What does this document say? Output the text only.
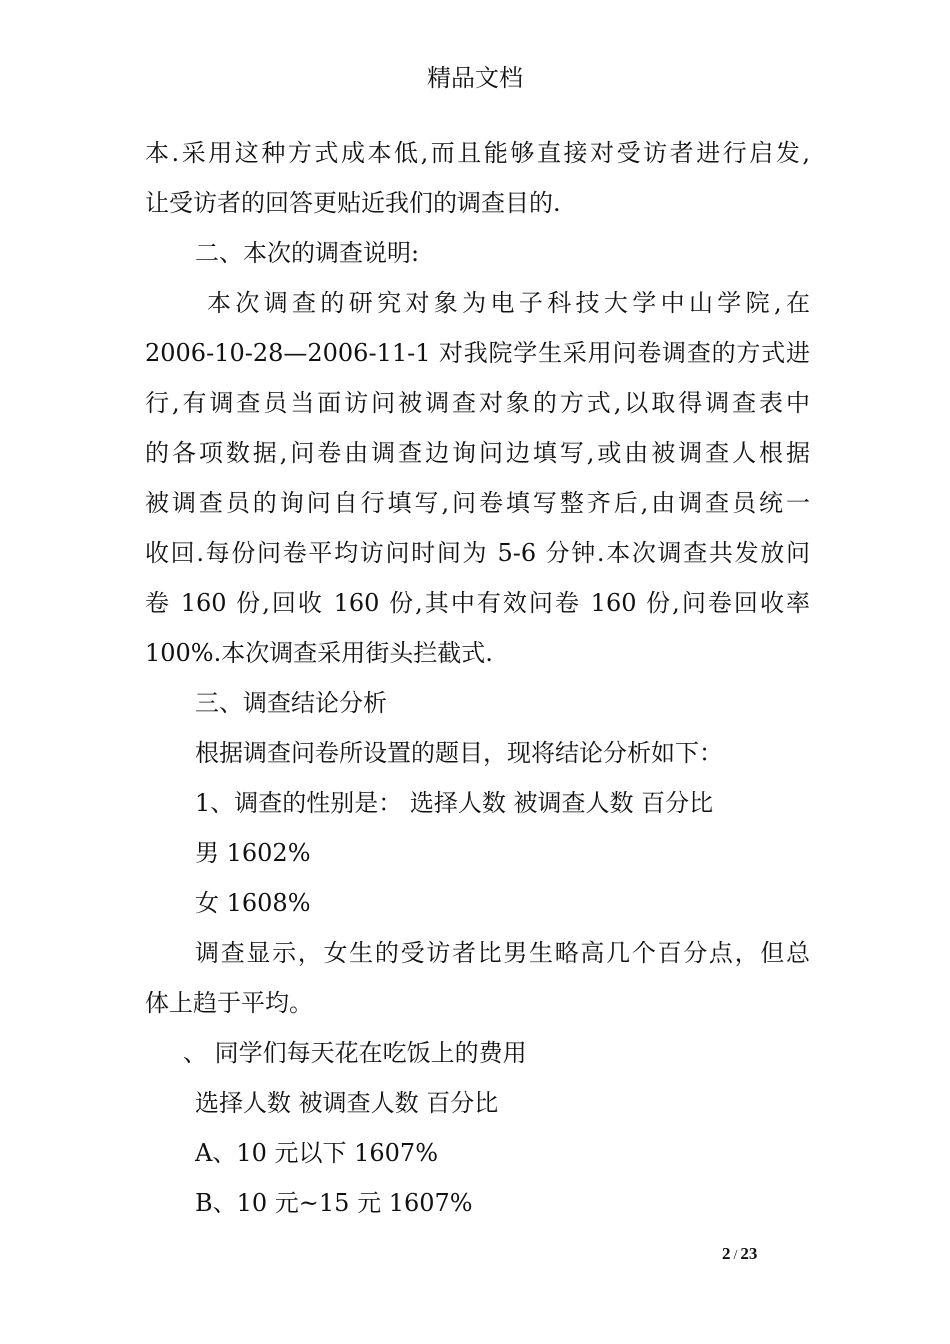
精品文档
本.采用这种方式成本低,而且能够直接对受访者进行启发,
让受访者的回答更贴近我们的调查目的.
二、本次的调查说明:
本次调查的研究对象为电子科技大学中山学院,在
2006-10-28—2006-11-1 对我院学生采用问卷调查的方式进
行,有调查员当面访问被调查对象的方式,以取得调查表中
的各项数据,问卷由调查边询问边填写,或由被调查人根据
被调查员的询问自行填写,问卷填写整齐后,由调查员统一
收回.每份问卷平均访问时间为 5-6 分钟.本次调查共发放问
卷 160 份,回收 160 份,其中有效问卷 160 份,问卷回收率
100%.本次调查采用街头拦截式.
三、调查结论分析
根据调查问卷所设置的题目，现将结论分析如下：
1、调查的性别是： 选择人数 被调查人数 百分比
男 1602%
女 1608%
调查显示，女生的受访者比男生略高几个百分点，但总
体上趋于平均。
、 同学们每天花在吃饭上的费用
选择人数 被调查人数 百分比
A、10 元以下 1607%
B、10 元~15 元 1607%
2 / 23
